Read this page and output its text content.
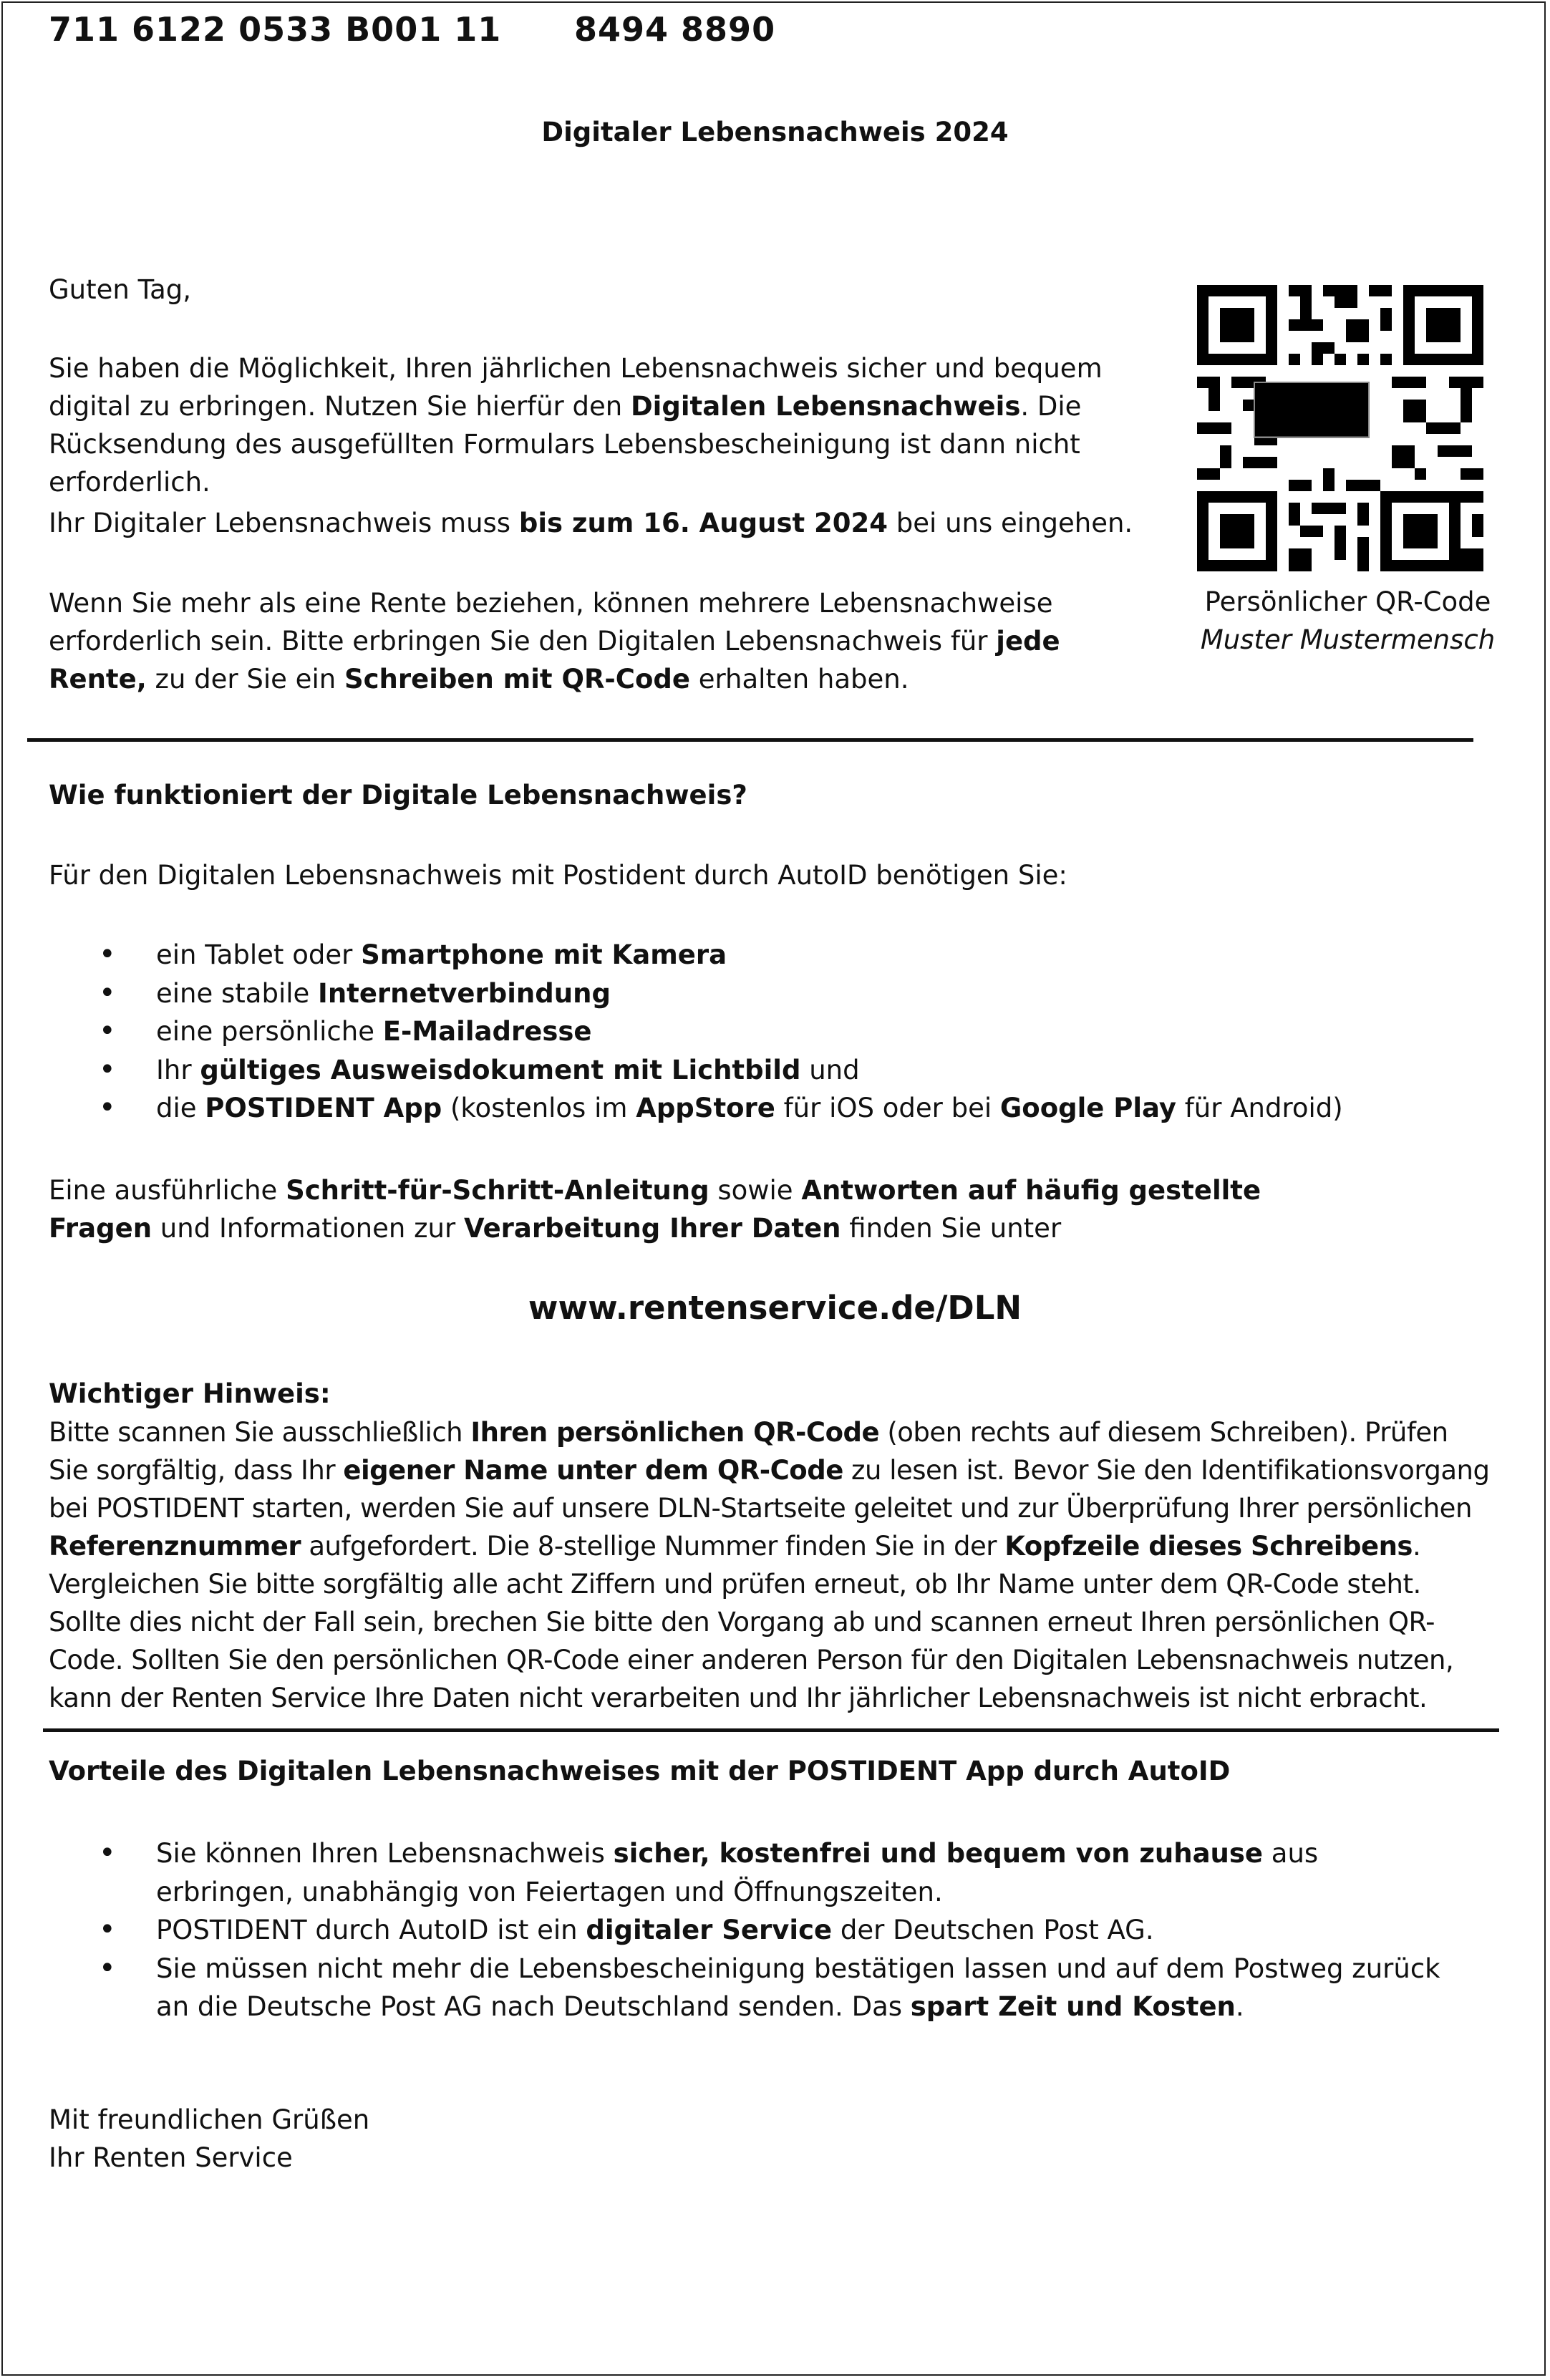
711 6122 0533 B001 11 8494 8890
Digitaler Lebensnachweis 2024
Guten Tag,
Sie haben die Möglichkeit, Ihren jährlichen Lebensnachweis sicher und bequem digital zu erbringen. Nutzen Sie hierfür den Digitalen Lebensnachweis. Die Rücksendung des ausgefüllten Formulars Lebensbescheinigung ist dann nicht erforderlich.
Ihr Digitaler Lebensnachweis muss bis zum 16. August 2024 bei uns eingehen.
Wenn Sie mehr als eine Rente beziehen, können mehrere Lebensnachweise erforderlich sein. Bitte erbringen Sie den Digitalen Lebensnachweis für jede Rente, zu der Sie ein Schreiben mit QR-Code erhalten haben.
Persönlicher QR-Code
Muster Mustermensch
Wie funktioniert der Digitale Lebensnachweis?
Für den Digitalen Lebensnachweis mit Postident durch AutoID benötigen Sie:
• ein Tablet oder Smartphone mit Kamera
• eine stabile Internetverbindung
• eine persönliche E-Mailadresse
• Ihr gültiges Ausweisdokument mit Lichtbild und
• die POSTIDENT App (kostenlos im AppStore für iOS oder bei Google Play für Android)
Eine ausführliche Schritt-für-Schritt-Anleitung sowie Antworten auf häufig gestellte Fragen und Informationen zur Verarbeitung Ihrer Daten finden Sie unter
www.rentenservice.de/DLN
Wichtiger Hinweis:
Bitte scannen Sie ausschließlich Ihren persönlichen QR-Code (oben rechts auf diesem Schreiben). Prüfen Sie sorgfältig, dass Ihr eigener Name unter dem QR-Code zu lesen ist. Bevor Sie den Identifikationsvorgang bei POSTIDENT starten, werden Sie auf unsere DLN-Startseite geleitet und zur Überprüfung Ihrer persönlichen Referenznummer aufgefordert. Die 8-stellige Nummer finden Sie in der Kopfzeile dieses Schreibens. Vergleichen Sie bitte sorgfältig alle acht Ziffern und prüfen erneut, ob Ihr Name unter dem QR-Code steht. Sollte dies nicht der Fall sein, brechen Sie bitte den Vorgang ab und scannen erneut Ihren persönlichen QR-Code. Sollten Sie den persönlichen QR-Code einer anderen Person für den Digitalen Lebensnachweis nutzen, kann der Renten Service Ihre Daten nicht verarbeiten und Ihr jährlicher Lebensnachweis ist nicht erbracht.
Vorteile des Digitalen Lebensnachweises mit der POSTIDENT App durch AutoID
• Sie können Ihren Lebensnachweis sicher, kostenfrei und bequem von zuhause aus erbringen, unabhängig von Feiertagen und Öffnungszeiten.
• POSTIDENT durch AutoID ist ein digitaler Service der Deutschen Post AG.
• Sie müssen nicht mehr die Lebensbescheinigung bestätigen lassen und auf dem Postweg zurück an die Deutsche Post AG nach Deutschland senden. Das spart Zeit und Kosten.
Mit freundlichen Grüßen
Ihr Renten Service
